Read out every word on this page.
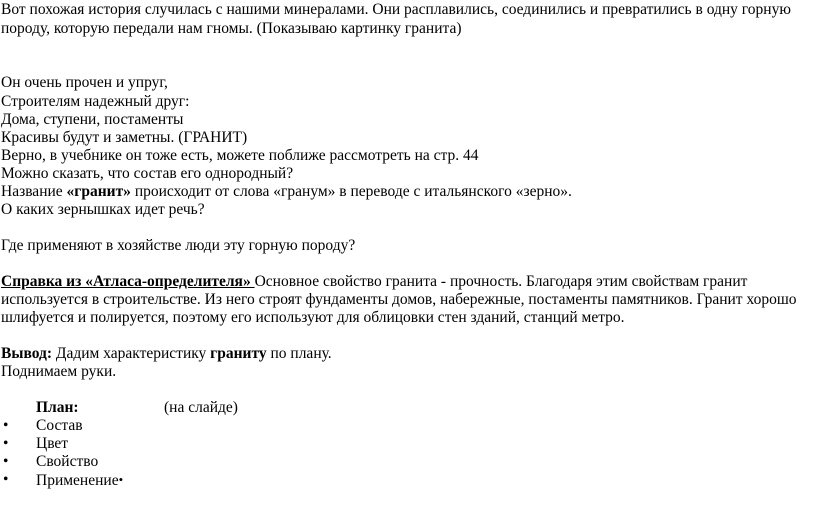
Вот похожая история случилась с нашими минералами. Они расплавились, соединились и превратились в одну горную
породу, которую передали нам гномы. (Показываю картинку гранита)
Он очень прочен и упруг,
Строителям надежный друг:
Дома, ступени, постаменты
Красивы будут и заметны. (ГРАНИТ)
Верно, в учебнике он тоже есть, можете поближе рассмотреть на стр. 44
Можно сказать, что состав его однородный?
Название «гранит» происходит от слова «гранум» в переводе с итальянского «зерно».
О каких зернышках идет речь?
Где применяют в хозяйстве люди эту горную породу?
Справка из «Атласа-определителя» Основное свойство гранита - прочность. Благодаря этим свойствам гранит
используется в строительстве. Из него строят фундаменты домов, набережные, постаменты памятников. Гранит хорошо
шлифуется и полируется, поэтому его используют для облицовки стен зданий, станций метро.
Вывод: Дадим характеристику граниту по плану.
Поднимаем руки.
План:	(на слайде)
• Состав
• Цвет
• Свойство
• Применение•
